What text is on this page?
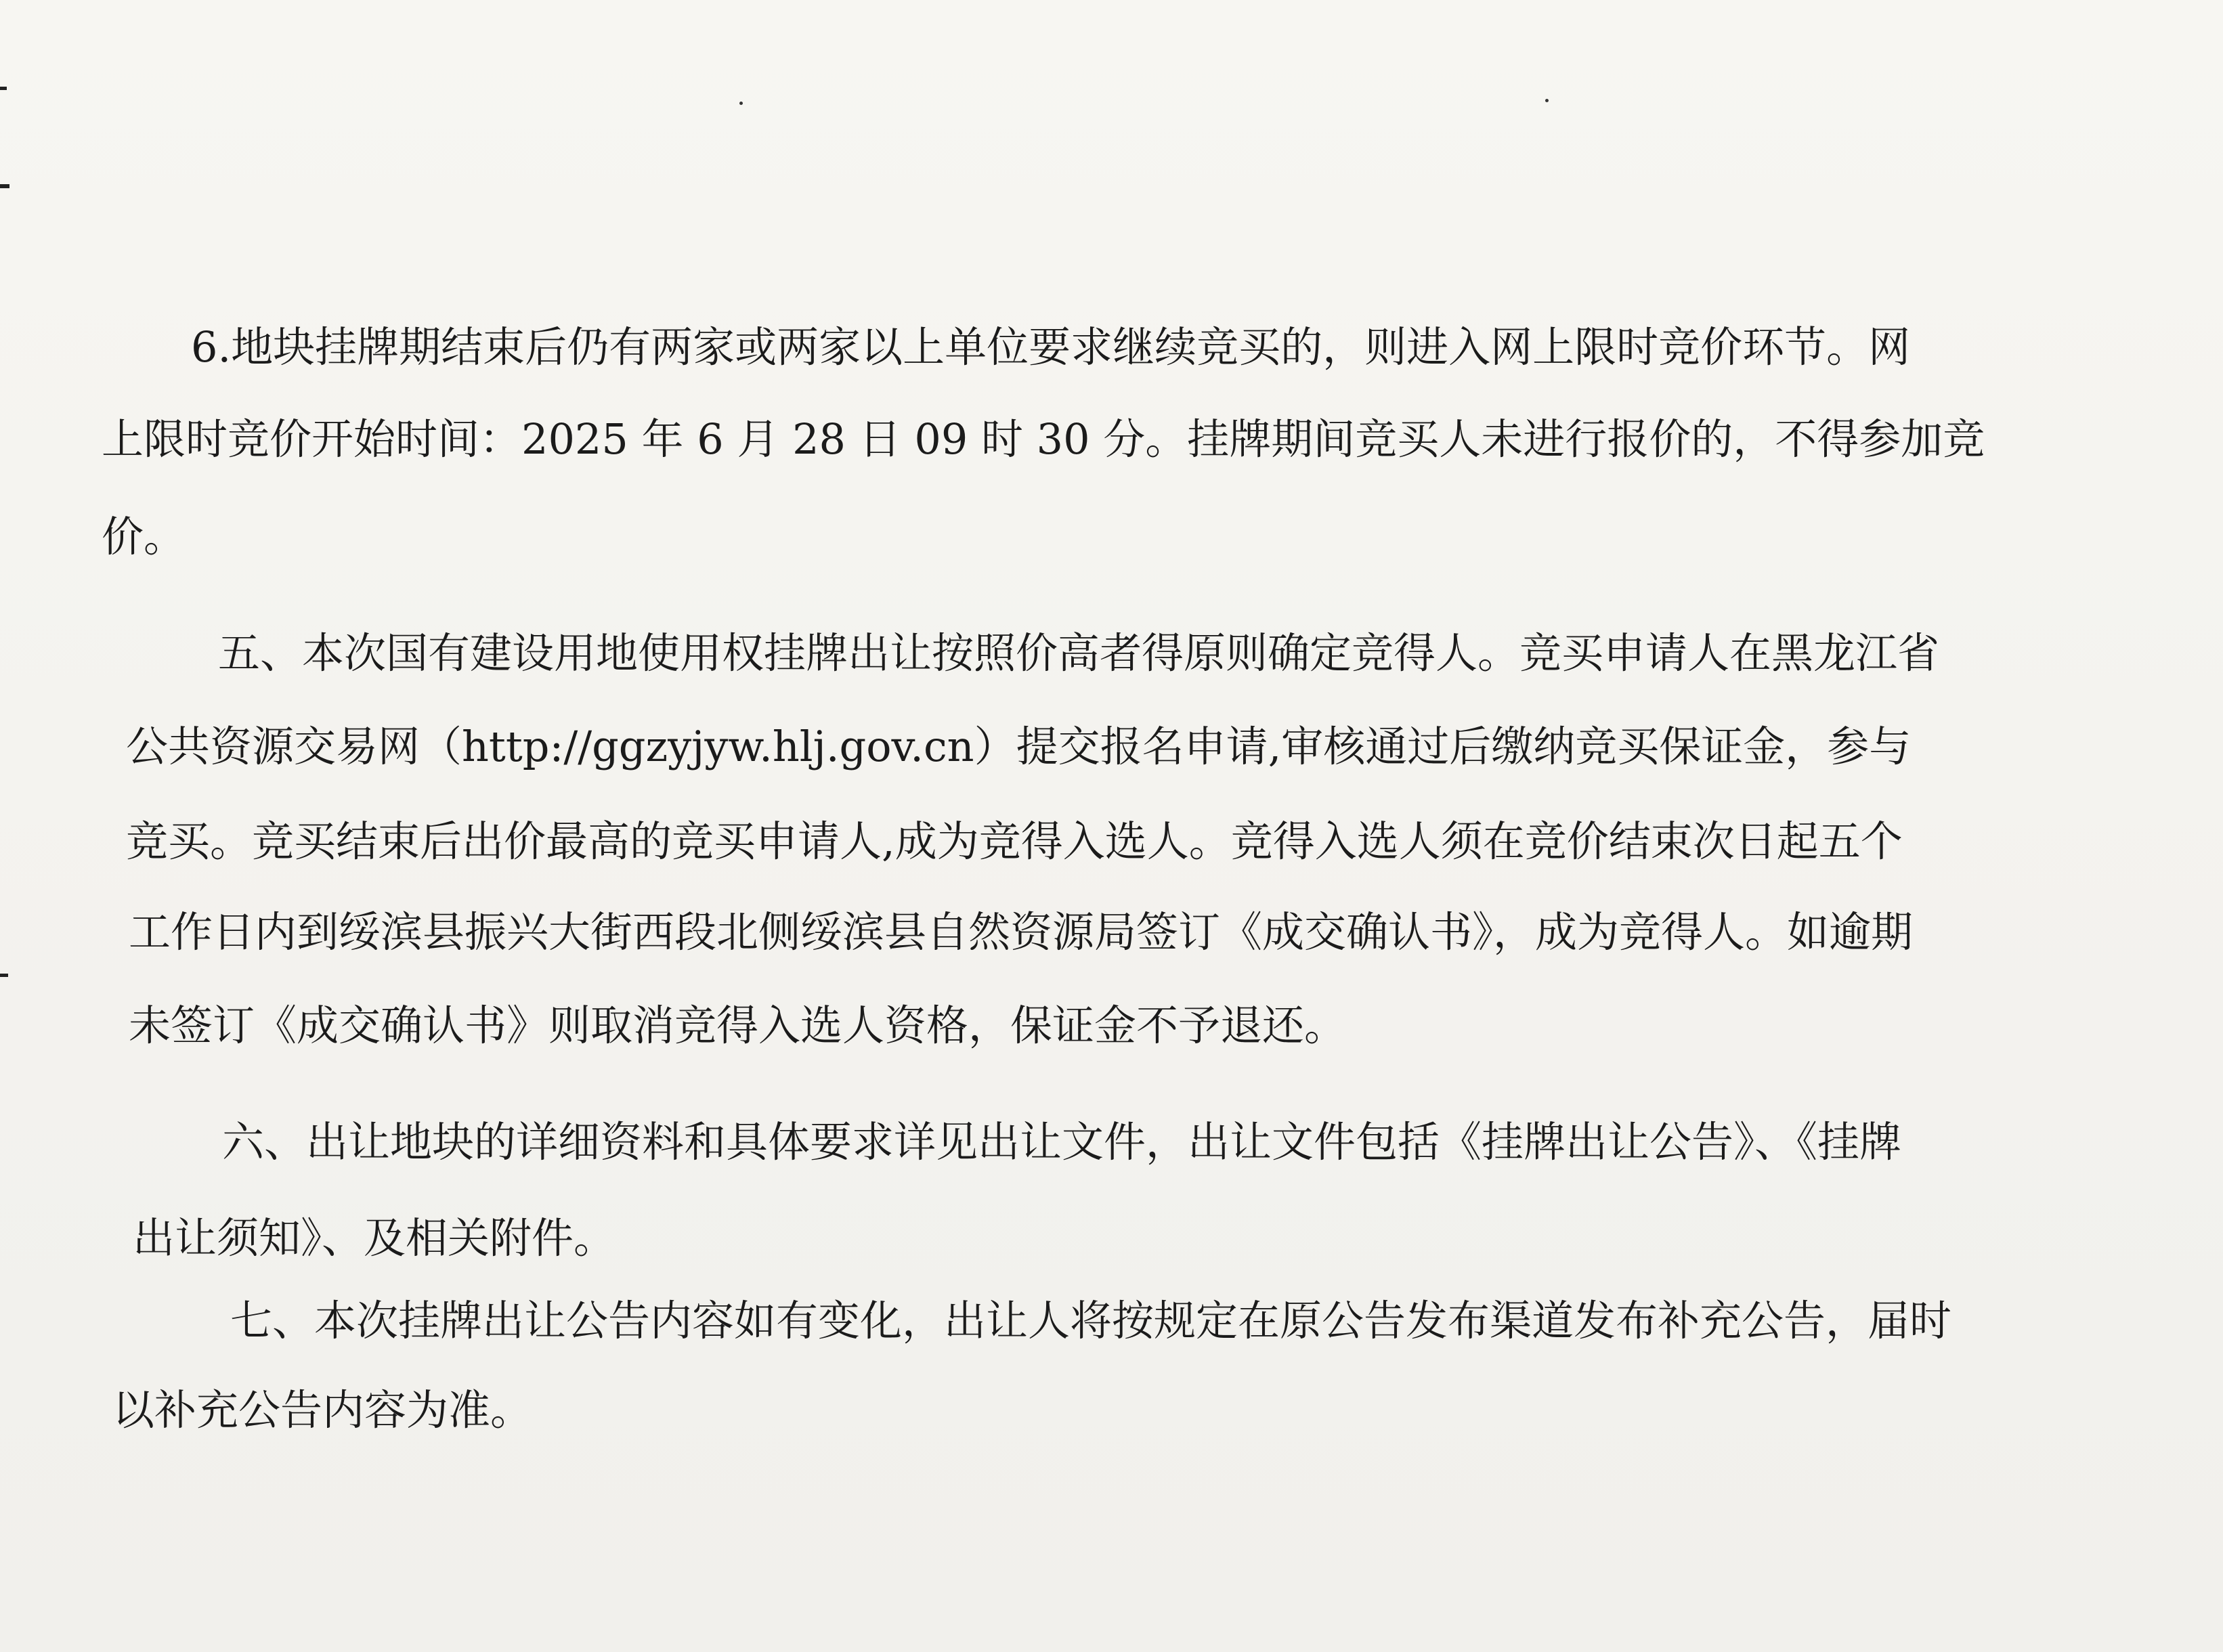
6.地块挂牌期结束后仍有两家或两家以上单位要求继续竞买的，则进入网上限时竞价环节。网
上限时竞价开始时间：2025 年 6 月 28 日 09 时 30 分。挂牌期间竞买人未进行报价的，不得参加竞
价。
五、本次国有建设用地使用权挂牌出让按照价高者得原则确定竞得人。竞买申请人在黑龙江省
公共资源交易网（http://ggzyjyw.hlj.gov.cn）提交报名申请,审核通过后缴纳竞买保证金，参与
竞买。竞买结束后出价最高的竞买申请人,成为竞得入选人。竞得入选人须在竞价结束次日起五个
工作日内到绥滨县振兴大街西段北侧绥滨县自然资源局签订《成交确认书》，成为竞得人。如逾期
未签订《成交确认书》则取消竞得入选人资格，保证金不予退还。
六、出让地块的详细资料和具体要求详见出让文件，出让文件包括《挂牌出让公告》、《挂牌
出让须知》、及相关附件。
七、本次挂牌出让公告内容如有变化，出让人将按规定在原公告发布渠道发布补充公告，届时
以补充公告内容为准。
